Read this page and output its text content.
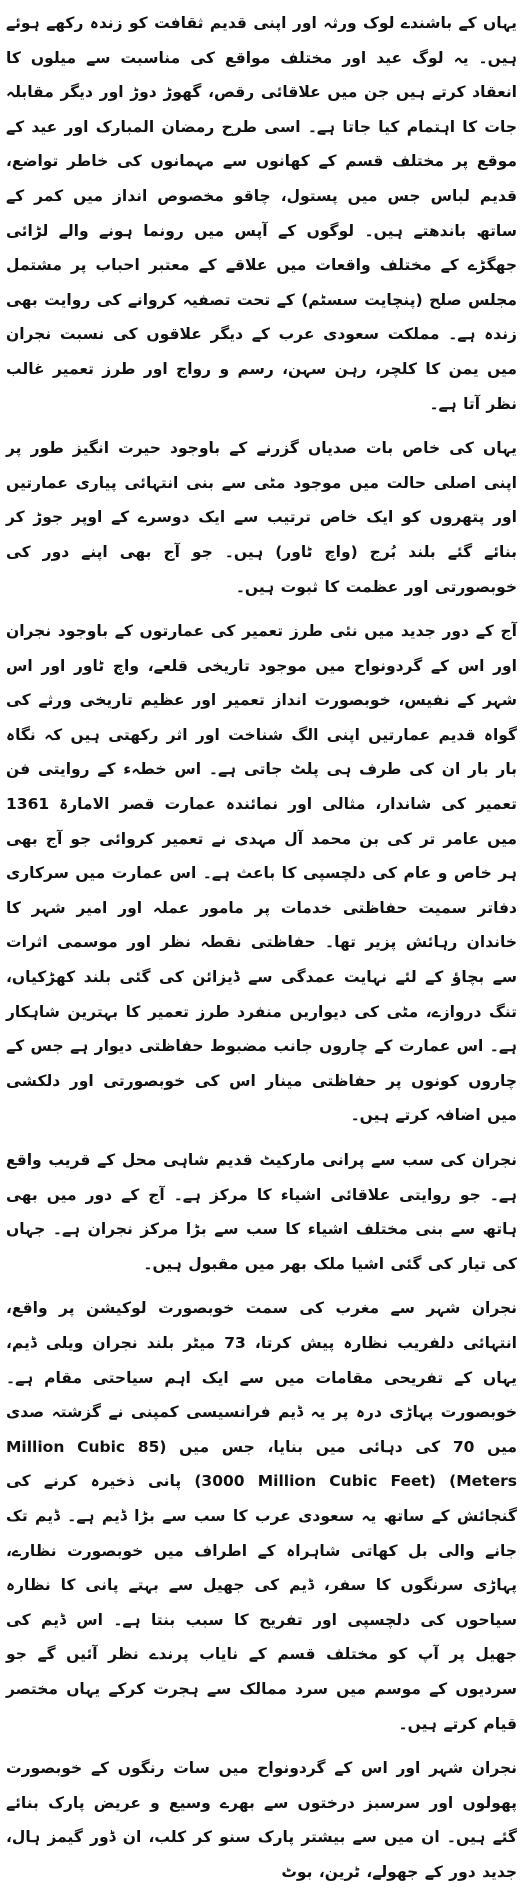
یہاں کے باشندے لوک ورثہ اور اپنی قدیم ثقافت کو زندہ رکھے ہوئے ہیں۔ یہ لوگ عید اور مختلف مواقع کی مناسبت سے میلوں کا انعقاد کرتے ہیں جن میں علاقائی رقص، گھوڑ دوڑ اور دیگر مقابلہ جات کا اہتمام کیا جاتا ہے۔ اسی طرح رمضان المبارک اور عید کے موقع پر مختلف قسم کے کھانوں سے مہمانوں کی خاطر تواضع، قدیم لباس جس میں پستول، چاقو مخصوص انداز میں کمر کے ساتھ باندھتے ہیں۔ لوگوں کے آپس میں رونما ہونے والے لڑائی جھگڑے کے مختلف واقعات میں علاقے کے معتبر احباب پر مشتمل مجلس صلح (پنچایت سسٹم) کے تحت تصفیہ کروانے کی روایت بھی زندہ ہے۔ مملکت سعودی عرب کے دیگر علاقوں کی نسبت نجران میں یمن کا کلچر، رہن سہن، رسم و رواج اور طرز تعمیر غالب نظر آتا ہے۔

یہاں کی خاص بات صدیاں گزرنے کے باوجود حیرت انگیز طور پر اپنی اصلی حالت میں موجود مٹی سے بنی انتہائی پیاری عمارتیں اور پتھروں کو ایک خاص ترتیب سے ایک دوسرے کے اوپر جوڑ کر بنائے گئے بلند بُرج (واچ ٹاور) ہیں۔ جو آج بھی اپنے دور کی خوبصورتی اور عظمت کا ثبوت ہیں۔

آج کے دور جدید میں نئی طرز تعمیر کی عمارتوں کے باوجود نجران اور اس کے گردونواح میں موجود تاریخی قلعے، واچ ٹاور اور اس شہر کے نفیس، خوبصورت انداز تعمیر اور عظیم تاریخی ورثے کی گواہ قدیم عمارتیں اپنی الگ شناخت اور اثر رکھتی ہیں کہ نگاہ بار بار ان کی طرف ہی پلٹ جاتی ہے۔ اس خطہء کے روایتی فن تعمیر کی شاندار، مثالی اور نمائندہ عمارت قصر الامارۃ 1361 میں عامر تر کی بن محمد آل مہدی نے تعمیر کروائی جو آج بھی ہر خاص و عام کی دلچسپی کا باعث ہے۔ اس عمارت میں سرکاری دفاتر سمیت حفاظتی خدمات پر مامور عملہ اور امیر شہر کا خاندان رہائش پزیر تھا۔ حفاظتی نقطہ نظر اور موسمی اثرات سے بچاؤ کے لئے نہایت عمدگی سے ڈیزائن کی گئی بلند کھڑکیاں، تنگ دروازے، مٹی کی دیواریں منفرد طرز تعمیر کا بہترین شاہکار ہے۔ اس عمارت کے چاروں جانب مضبوط حفاظتی دیوار ہے جس کے چاروں کونوں پر حفاظتی مینار اس کی خوبصورتی اور دلکشی میں اضافہ کرتے ہیں۔

نجران کی سب سے پرانی مارکیٹ قدیم شاہی محل کے قریب واقع ہے۔ جو روایتی علاقائی اشیاء کا مرکز ہے۔ آج کے دور میں بھی ہاتھ سے بنی مختلف اشیاء کا سب سے بڑا مرکز نجران ہے۔ جہاں کی تیار کی گئی اشیا ملک بھر میں مقبول ہیں۔

نجران شہر سے مغرب کی سمت خوبصورت لوکیشن پر واقع، انتہائی دلفریب نظارہ پیش کرتا، 73 میٹر بلند نجران ویلی ڈیم، یہاں کے تفریحی مقامات میں سے ایک اہم سیاحتی مقام ہے۔ خوبصورت پہاڑی درہ پر یہ ڈیم فرانسیسی کمپنی نے گزشتہ صدی میں 70 کی دہائی میں بنایا، جس میں (85 Million Cubic Meters) (3000 Million Cubic Feet) پانی ذخیرہ کرنے کی گنجائش کے ساتھ یہ سعودی عرب کا سب سے بڑا ڈیم ہے۔ ڈیم تک جانے والی بل کھاتی شاہراہ کے اطراف میں خوبصورت نظارے، پہاڑی سرنگوں کا سفر، ڈیم کی جھیل سے بہتے پانی کا نظارہ سیاحوں کی دلچسپی اور تفریح کا سبب بنتا ہے۔ اس ڈیم کی جھیل پر آپ کو مختلف قسم کے نایاب پرندے نظر آئیں گے جو سردیوں کے موسم میں سرد ممالک سے ہجرت کرکے یہاں مختصر قیام کرتے ہیں۔

نجران شہر اور اس کے گردونواح میں سات رنگوں کے خوبصورت پھولوں اور سرسبز درختوں سے بھرے وسیع و عریض پارک بنائے گئے ہیں۔ ان میں سے بیشتر پارک سنو کر کلب، ان ڈور گیمز ہال، جدید دور کے جھولے، ٹرین، بوٹ
